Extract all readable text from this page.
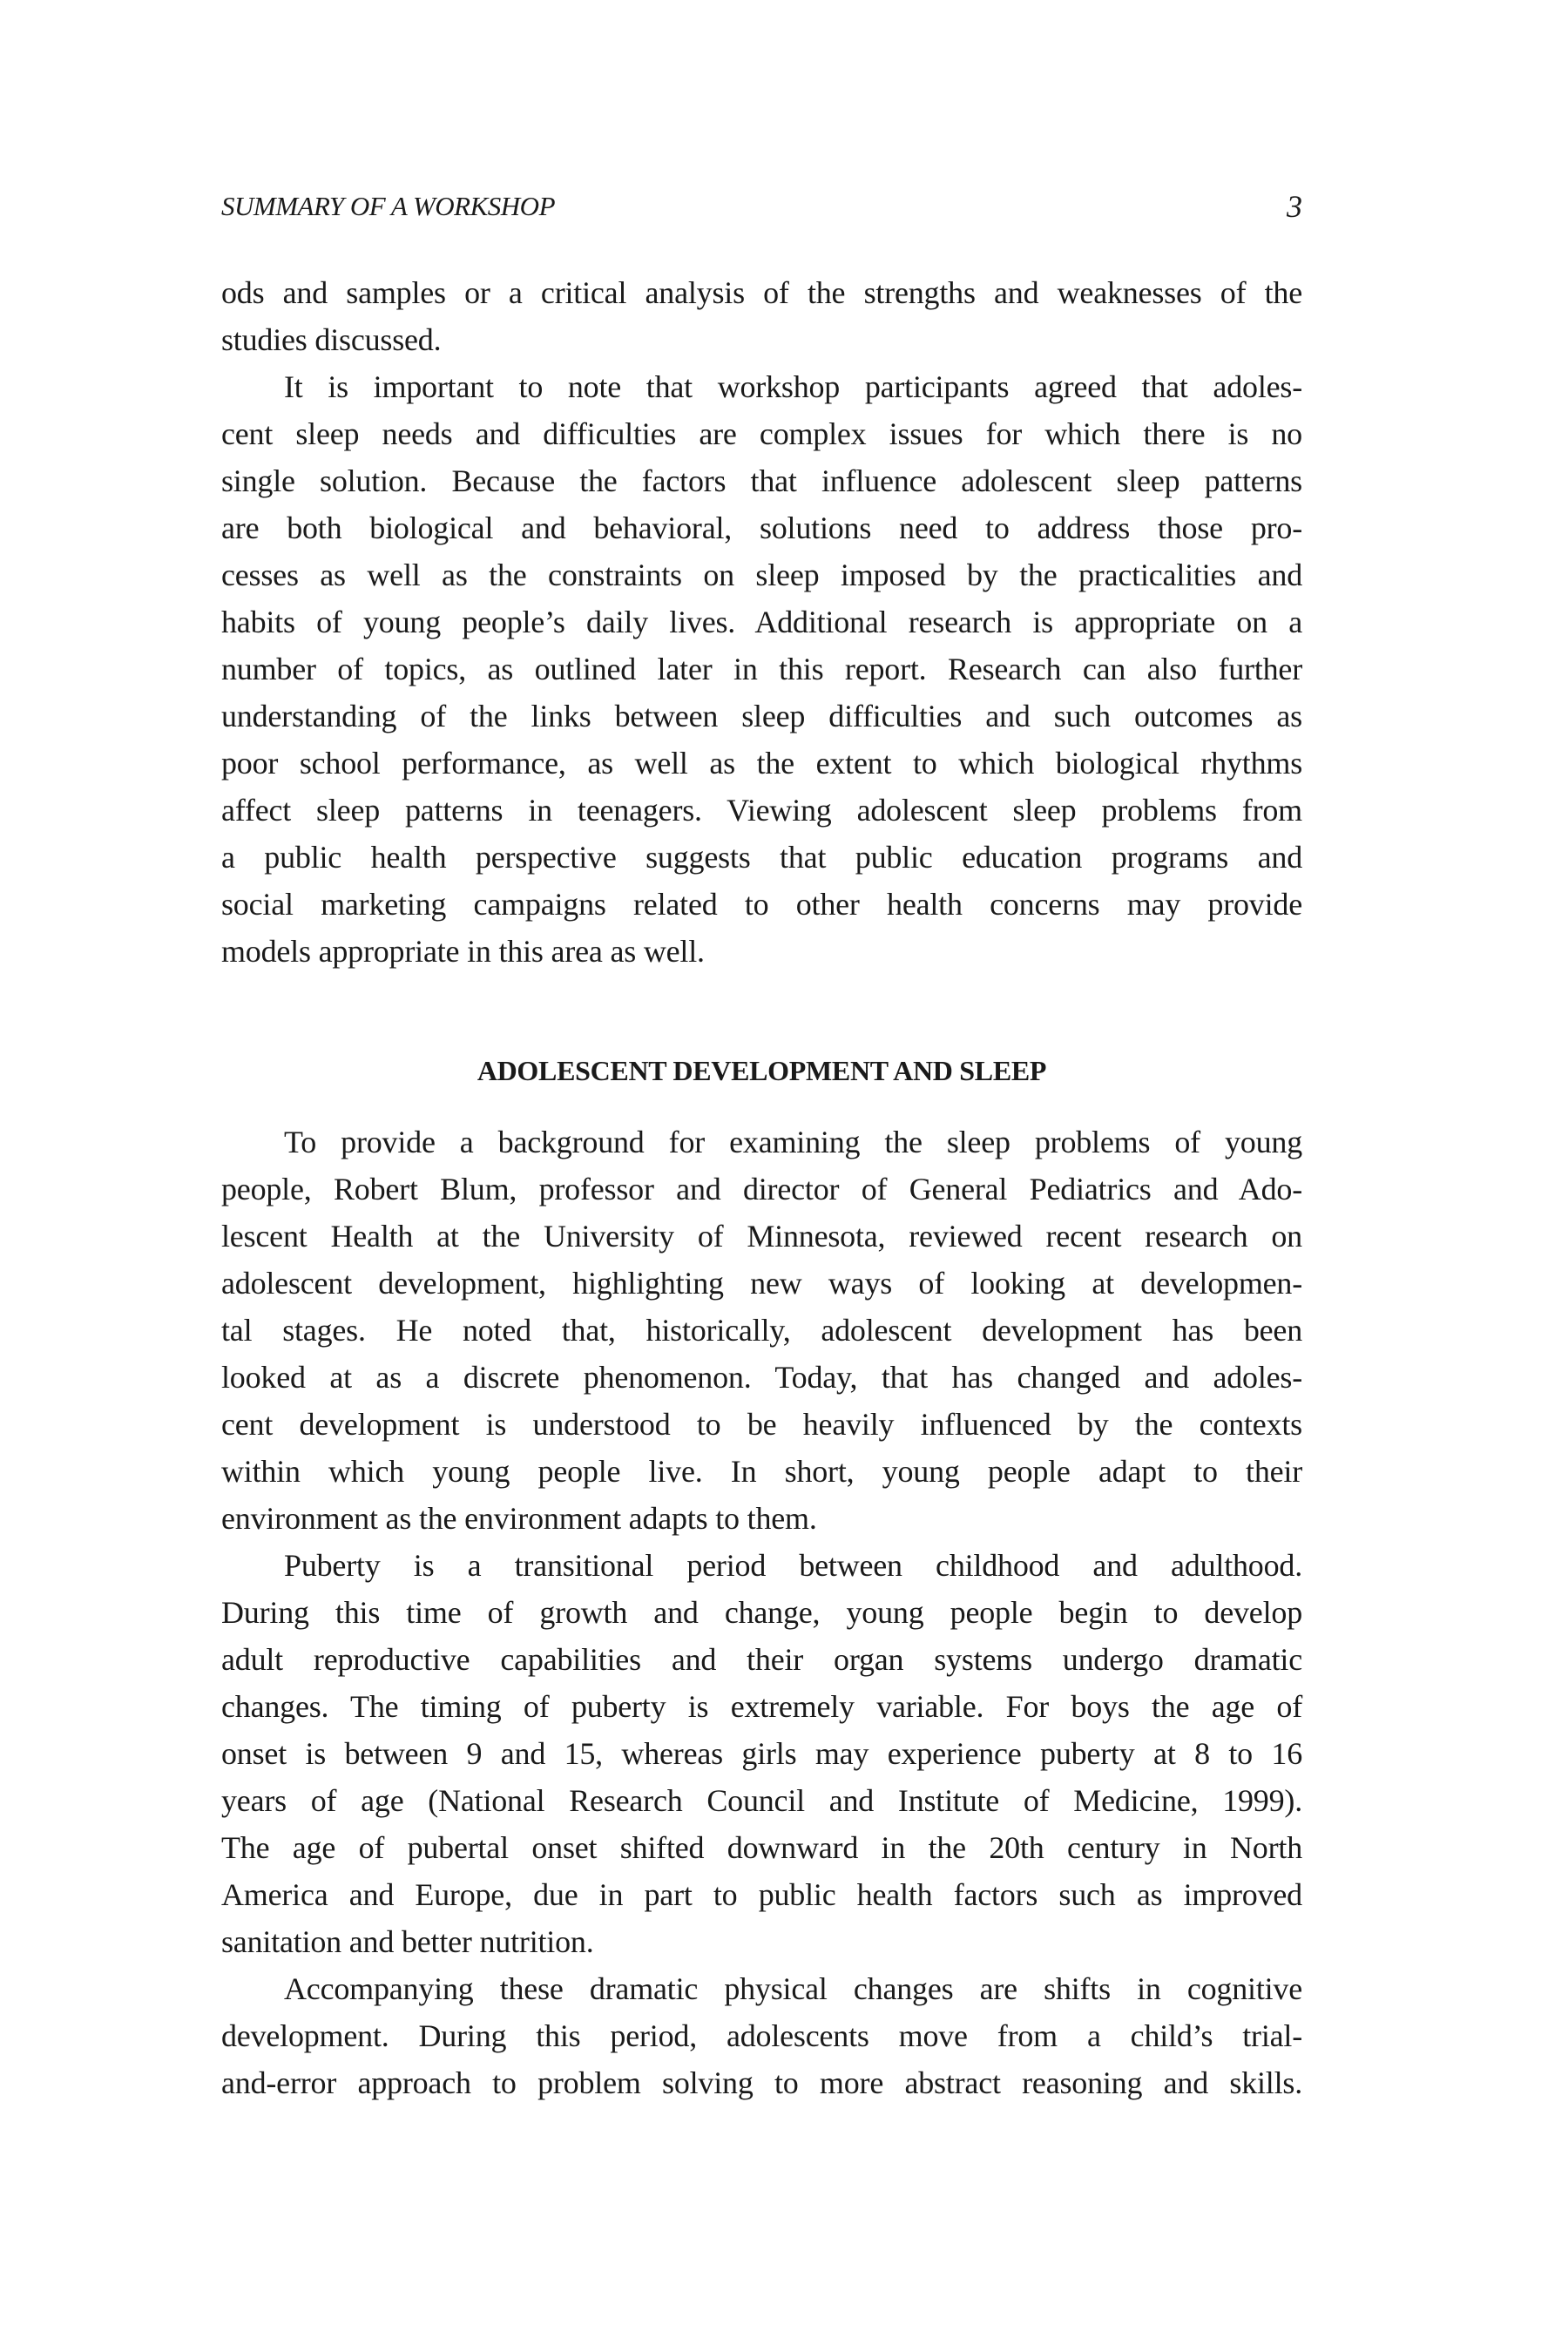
SUMMARY OF A WORKSHOP	3
ods and samples or a critical analysis of the strengths and weaknesses of the
studies discussed.
It is important to note that workshop participants agreed that adoles-
cent sleep needs and difficulties are complex issues for which there is no
single solution. Because the factors that influence adolescent sleep patterns
are both biological and behavioral, solutions need to address those pro-
cesses as well as the constraints on sleep imposed by the practicalities and
habits of young people’s daily lives. Additional research is appropriate on a
number of topics, as outlined later in this report. Research can also further
understanding of the links between sleep difficulties and such outcomes as
poor school performance, as well as the extent to which biological rhythms
affect sleep patterns in teenagers. Viewing adolescent sleep problems from
a public health perspective suggests that public education programs and
social marketing campaigns related to other health concerns may provide
models appropriate in this area as well.
ADOLESCENT DEVELOPMENT AND SLEEP
To provide a background for examining the sleep problems of young
people, Robert Blum, professor and director of General Pediatrics and Ado-
lescent Health at the University of Minnesota, reviewed recent research on
adolescent development, highlighting new ways of looking at developmen-
tal stages. He noted that, historically, adolescent development has been
looked at as a discrete phenomenon. Today, that has changed and adoles-
cent development is understood to be heavily influenced by the contexts
within which young people live. In short, young people adapt to their
environment as the environment adapts to them.
Puberty is a transitional period between childhood and adulthood.
During this time of growth and change, young people begin to develop
adult reproductive capabilities and their organ systems undergo dramatic
changes. The timing of puberty is extremely variable. For boys the age of
onset is between 9 and 15, whereas girls may experience puberty at 8 to 16
years of age (National Research Council and Institute of Medicine, 1999).
The age of pubertal onset shifted downward in the 20th century in North
America and Europe, due in part to public health factors such as improved
sanitation and better nutrition.
Accompanying these dramatic physical changes are shifts in cognitive
development. During this period, adolescents move from a child’s trial-
and-error approach to problem solving to more abstract reasoning and skills.
